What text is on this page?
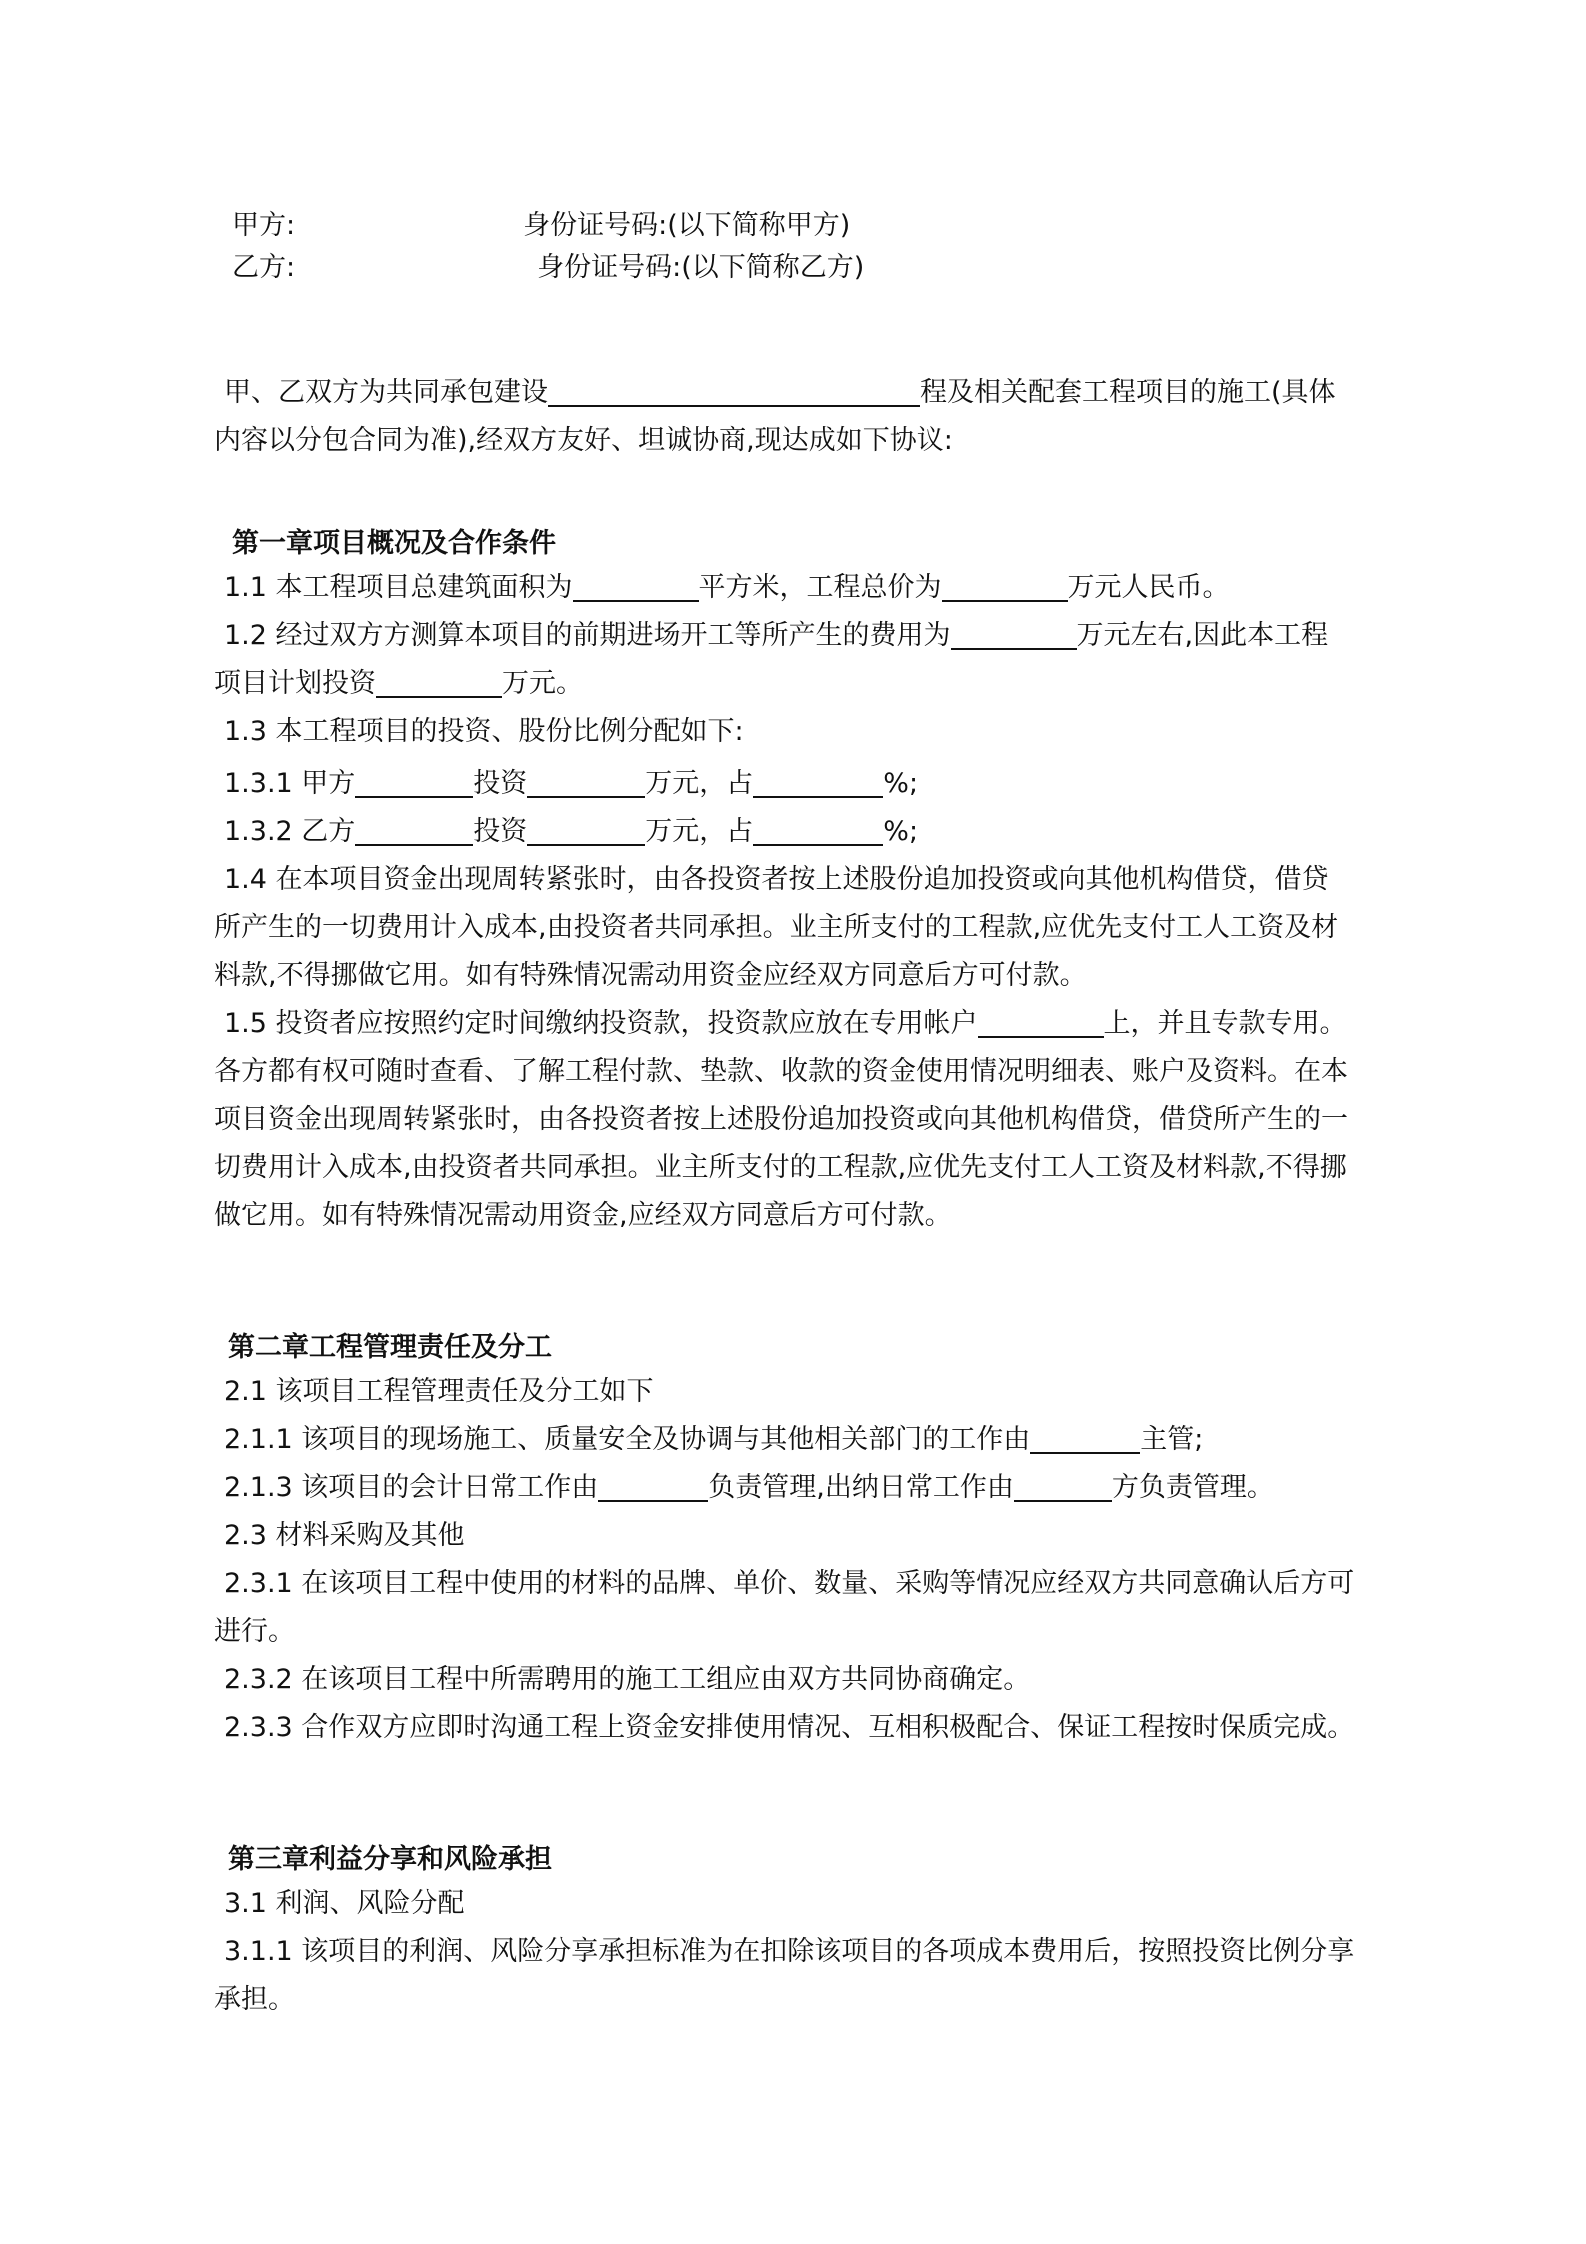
甲方:	身份证号码:(以下简称甲方)
乙方:	身份证号码:(以下简称乙方)
甲、乙双方为共同承包建设	程及相关配套工程项目的施工(具体
内容以分包合同为准),经双方友好、坦诚协商,现达成如下协议:
第一章项目概况及合作条件
1.1 本工程项目总建筑面积为	平方米，工程总价为	万元人民币。
1.2 经过双方方测算本项目的前期进场开工等所产生的费用为	万元左右,因此本工程
项目计划投资	万元。
1.3 本工程项目的投资、股份比例分配如下:
1.3.1 甲方	投资	万元，占	%;
1.3.2 乙方	投资	万元，占	%;
1.4 在本项目资金出现周转紧张时，由各投资者按上述股份追加投资或向其他机构借贷，借贷
所产生的一切费用计入成本,由投资者共同承担。业主所支付的工程款,应优先支付工人工资及材
料款,不得挪做它用。如有特殊情况需动用资金应经双方同意后方可付款。
1.5 投资者应按照约定时间缴纳投资款，投资款应放在专用帐户	上，并且专款专用。
各方都有权可随时查看、了解工程付款、垫款、收款的资金使用情况明细表、账户及资料。在本
项目资金出现周转紧张时，由各投资者按上述股份追加投资或向其他机构借贷，借贷所产生的一
切费用计入成本,由投资者共同承担。业主所支付的工程款,应优先支付工人工资及材料款,不得挪
做它用。如有特殊情况需动用资金,应经双方同意后方可付款。
第二章工程管理责任及分工
2.1 该项目工程管理责任及分工如下
2.1.1 该项目的现场施工、质量安全及协调与其他相关部门的工作由	主管;
2.1.3 该项目的会计日常工作由	负责管理,出纳日常工作由	方负责管理。
2.3 材料采购及其他
2.3.1 在该项目工程中使用的材料的品牌、单价、数量、采购等情况应经双方共同意确认后方可
进行。
2.3.2 在该项目工程中所需聘用的施工工组应由双方共同协商确定。
2.3.3 合作双方应即时沟通工程上资金安排使用情况、互相积极配合、保证工程按时保质完成。
第三章利益分享和风险承担
3.1 利润、风险分配
3.1.1 该项目的利润、风险分享承担标准为在扣除该项目的各项成本费用后，按照投资比例分享
承担。
